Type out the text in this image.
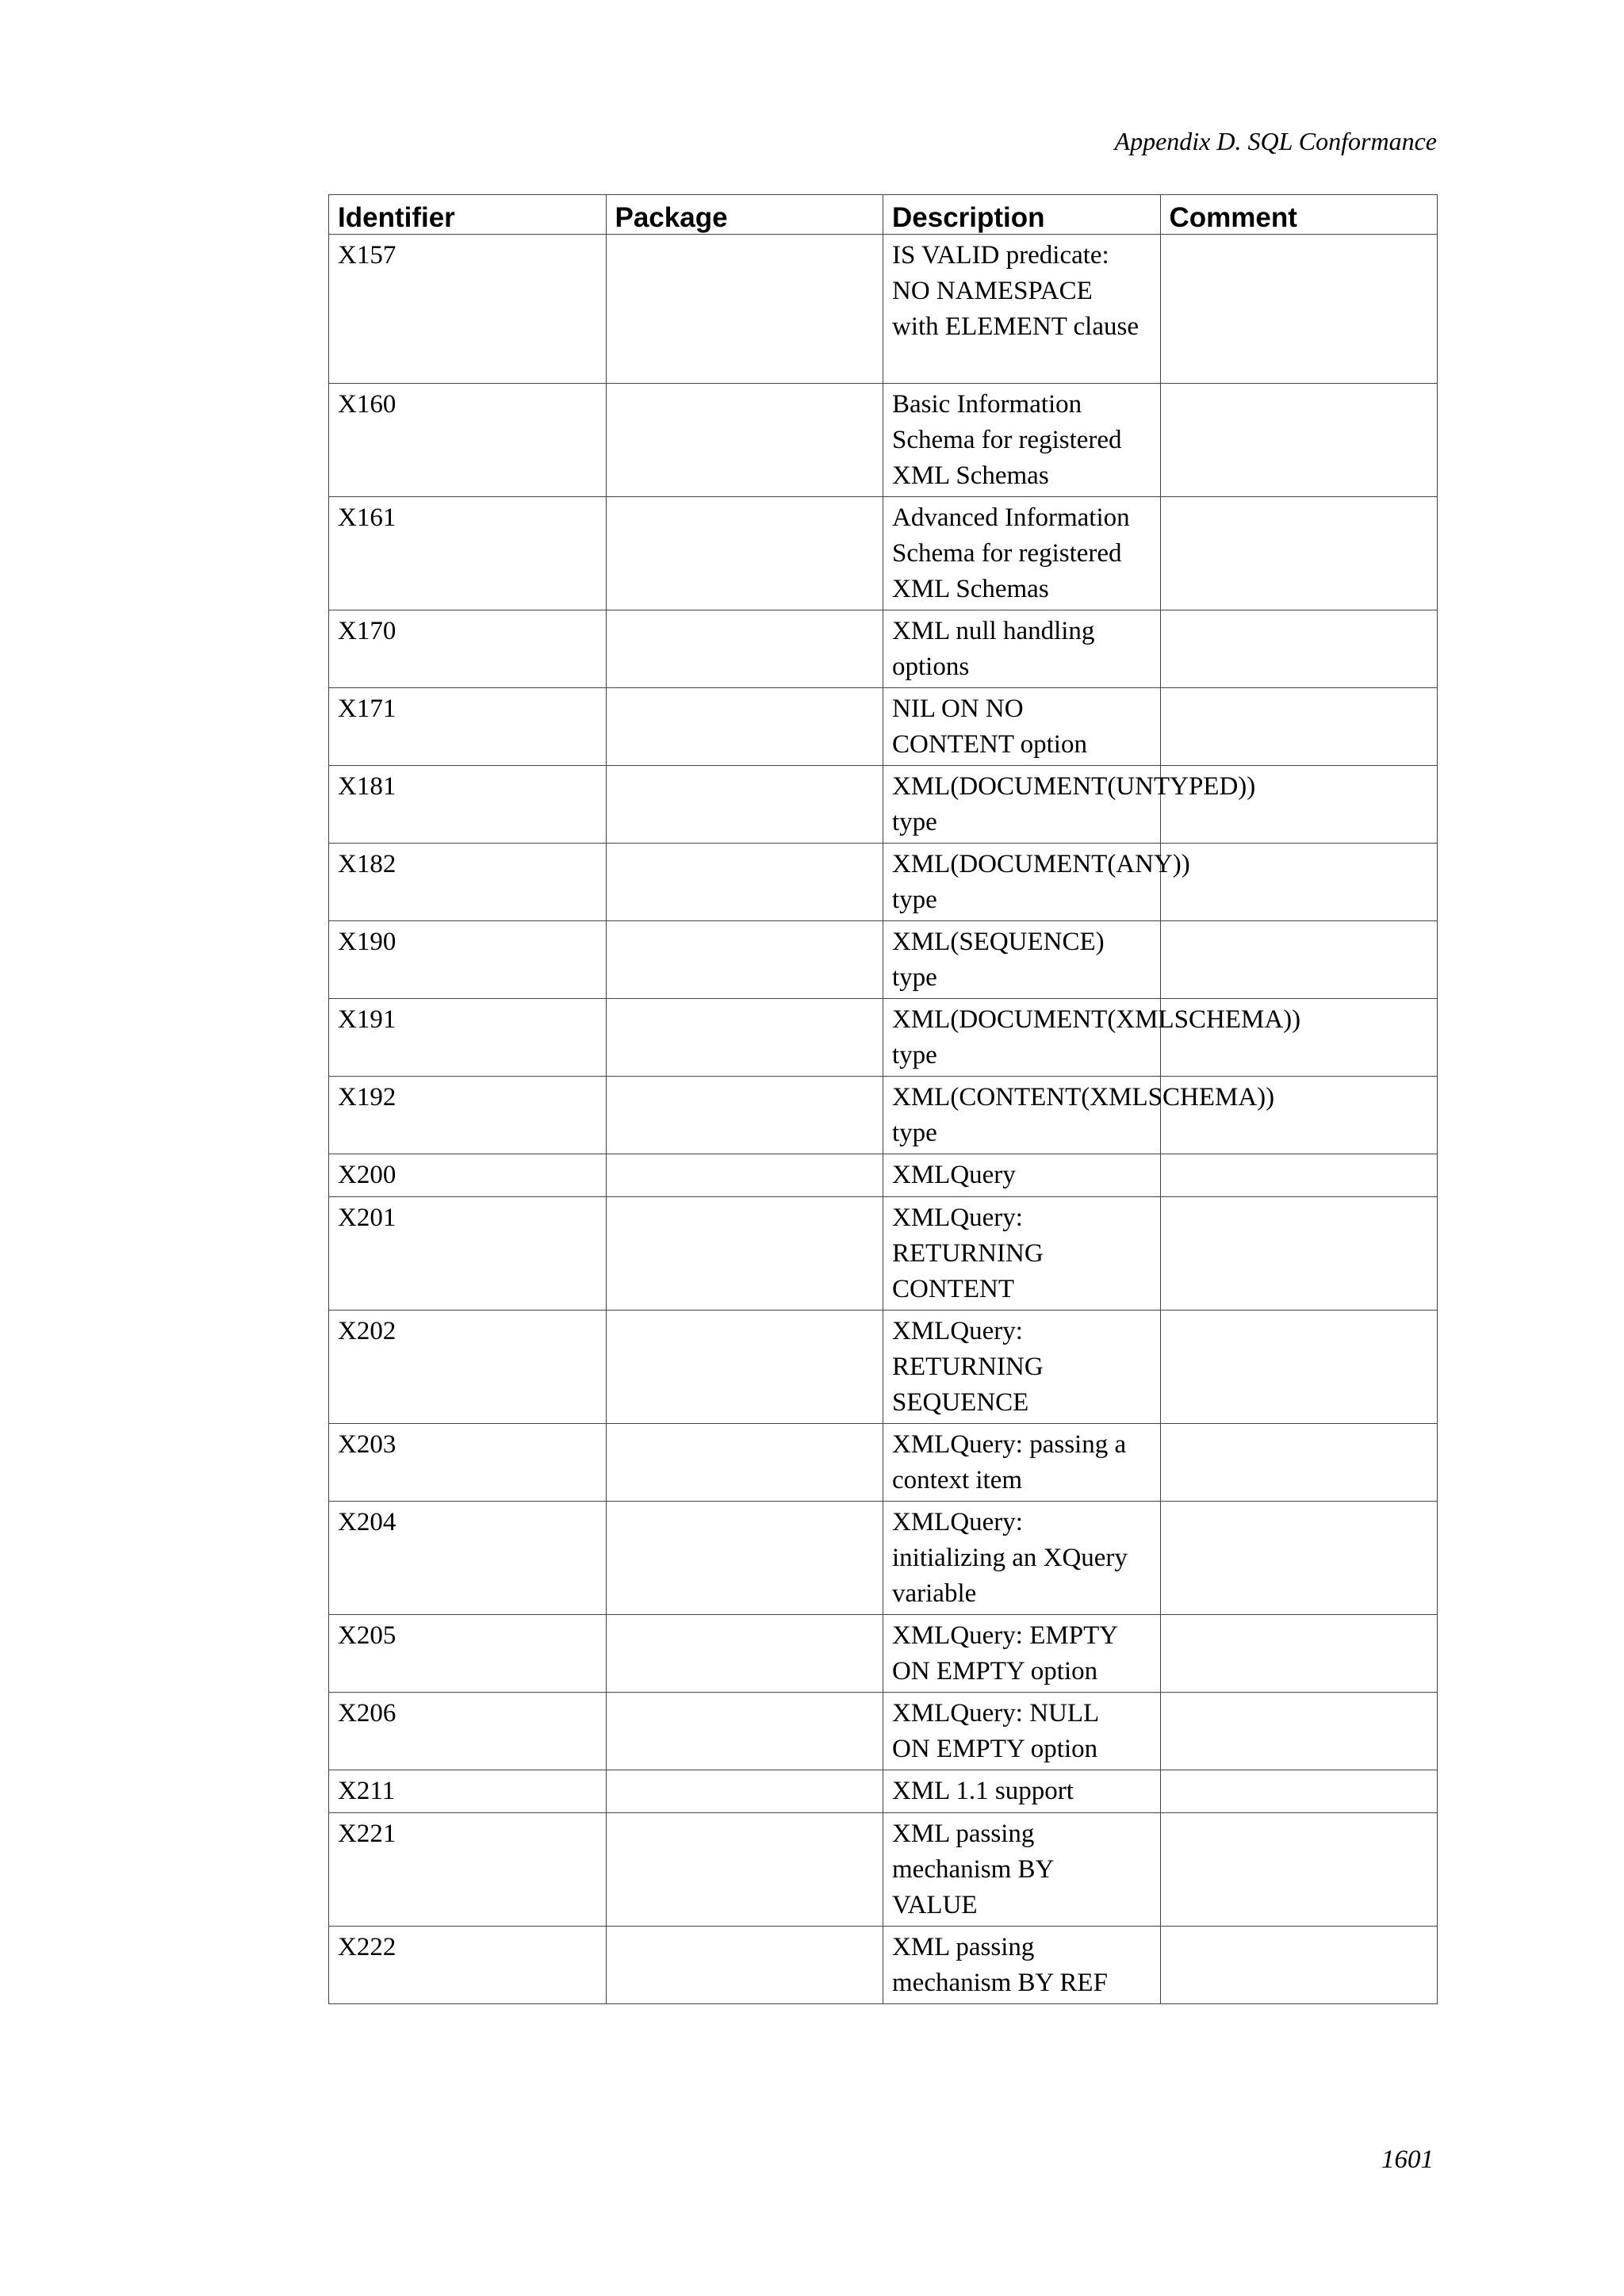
Appendix D. SQL Conformance
Identifier	Package	Description	Comment

X157		IS VALID predicate:
NO NAMESPACE
with ELEMENT clause	

X160		Basic Information
Schema for registered
XML Schemas	

X161		Advanced Information
Schema for registered
XML Schemas	

X170		XML null handling
options	

X171		NIL ON NO
CONTENT option	

X181		XML(DOCUMENT(UNTYPED))
type	

X182		XML(DOCUMENT(ANY))
type	

X190		XML(SEQUENCE)
type	

X191		XML(DOCUMENT(XMLSCHEMA))
type	

X192		XML(CONTENT(XMLSCHEMA))
type	

X200		XMLQuery	

X201		XMLQuery:
RETURNING
CONTENT	

X202		XMLQuery:
RETURNING
SEQUENCE	

X203		XMLQuery: passing a
context item	

X204		XMLQuery:
initializing an XQuery
variable	

X205		XMLQuery: EMPTY
ON EMPTY option	

X206		XMLQuery: NULL
ON EMPTY option	

X211		XML 1.1 support	

X221		XML passing
mechanism BY
VALUE	

X222		XML passing
mechanism BY REF	

1601
